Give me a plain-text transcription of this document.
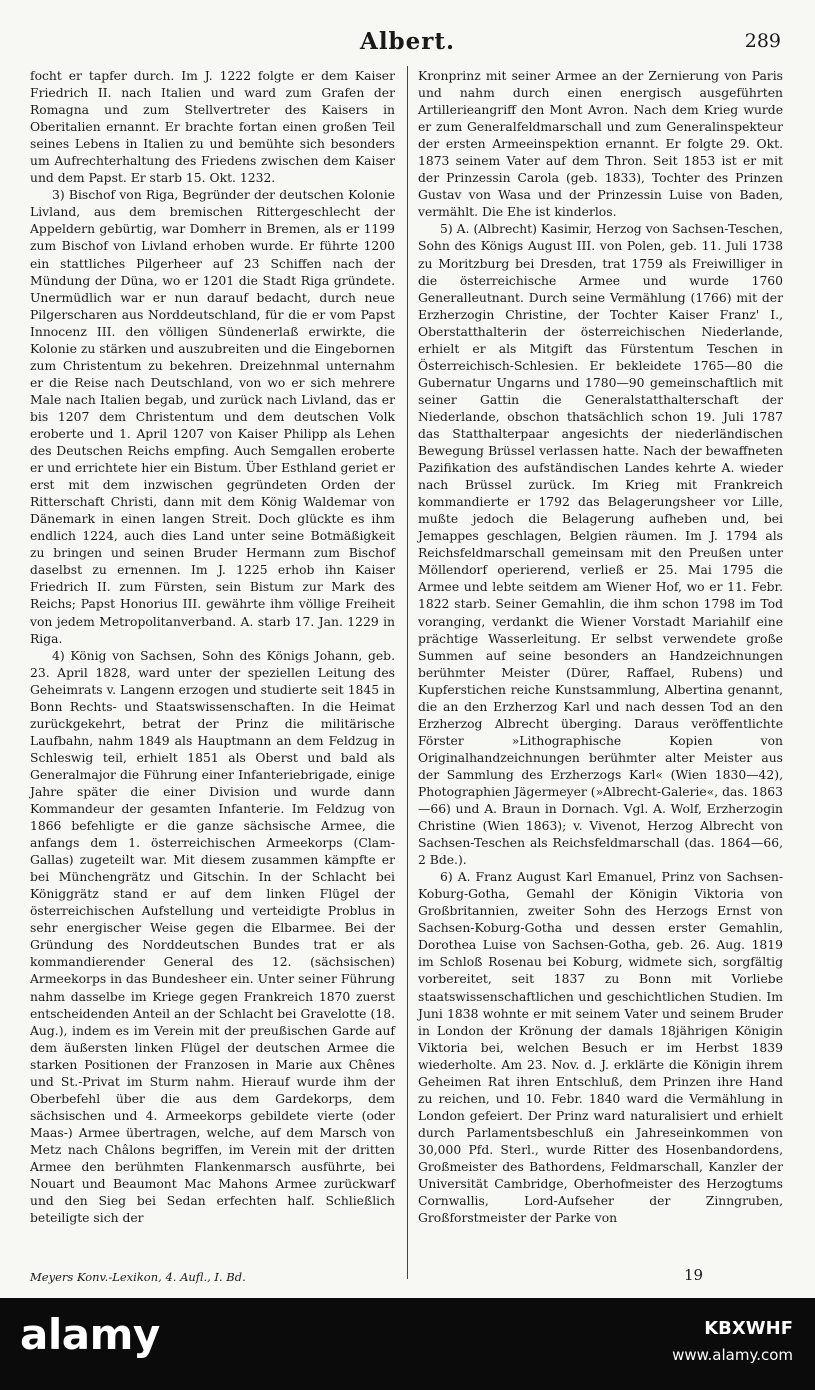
Albert.	289

focht er tapfer durch. Im J. 1222 folgte er dem Kaiser Friedrich II. nach Italien und ward zum Grafen der Romagna und zum Stellvertreter des Kaisers in Oberitalien ernannt. Er brachte fortan einen großen Teil seines Lebens in Italien zu und bemühte sich besonders um Aufrechterhaltung des Friedens zwischen dem Kaiser und dem Papst. Er starb 15. Okt. 1232.

3) Bischof von Riga, Begründer der deutschen Kolonie Livland, aus dem bremischen Rittergeschlecht der Appeldern gebürtig, war Domherr in Bremen, als er 1199 zum Bischof von Livland erhoben wurde. Er führte 1200 ein stattliches Pilgerheer auf 23 Schiffen nach der Mündung der Düna, wo er 1201 die Stadt Riga gründete. Unermüdlich war er nun darauf bedacht, durch neue Pilgerscharen aus Norddeutschland, für die er vom Papst Innocenz III. den völligen Sündenerlaß erwirkte, die Kolonie zu stärken und auszubreiten und die Eingebornen zum Christentum zu bekehren. Dreizehnmal unternahm er die Reise nach Deutschland, von wo er sich mehrere Male nach Italien begab, und zurück nach Livland, das er bis 1207 dem Christentum und dem deutschen Volk eroberte und 1. April 1207 von Kaiser Philipp als Lehen des Deutschen Reichs empfing. Auch Semgallen eroberte er und errichtete hier ein Bistum. Über Esthland geriet er erst mit dem inzwischen gegründeten Orden der Ritterschaft Christi, dann mit dem König Waldemar von Dänemark in einen langen Streit. Doch glückte es ihm endlich 1224, auch dies Land unter seine Botmäßigkeit zu bringen und seinen Bruder Hermann zum Bischof daselbst zu ernennen. Im J. 1225 erhob ihn Kaiser Friedrich II. zum Fürsten, sein Bistum zur Mark des Reichs; Papst Honorius III. gewährte ihm völlige Freiheit von jedem Metropolitanverband. A. starb 17. Jan. 1229 in Riga.

4) König von Sachsen, Sohn des Königs Johann, geb. 23. April 1828, ward unter der speziellen Leitung des Geheimrats v. Langenn erzogen und studierte seit 1845 in Bonn Rechts- und Staatswissenschaften. In die Heimat zurückgekehrt, betrat der Prinz die militärische Laufbahn, nahm 1849 als Hauptmann an dem Feldzug in Schleswig teil, erhielt 1851 als Oberst und bald als Generalmajor die Führung einer Infanteriebrigade, einige Jahre später die einer Division und wurde dann Kommandeur der gesamten Infanterie. Im Feldzug von 1866 befehligte er die ganze sächsische Armee, die anfangs dem 1. österreichischen Armeekorps (Clam-Gallas) zugeteilt war. Mit diesem zusammen kämpfte er bei Münchengrätz und Gitschin. In der Schlacht bei Königgrätz stand er auf dem linken Flügel der österreichischen Aufstellung und verteidigte Problus in sehr energischer Weise gegen die Elbarmee. Bei der Gründung des Norddeutschen Bundes trat er als kommandierender General des 12. (sächsischen) Armeekorps in das Bundesheer ein. Unter seiner Führung nahm dasselbe im Kriege gegen Frankreich 1870 zuerst entscheidenden Anteil an der Schlacht bei Gravelotte (18. Aug.), indem es im Verein mit der preußischen Garde auf dem äußersten linken Flügel der deutschen Armee die starken Positionen der Franzosen in Marie aux Chênes und St.-Privat im Sturm nahm. Hierauf wurde ihm der Oberbefehl über die aus dem Gardekorps, dem sächsischen und 4. Armeekorps gebildete vierte (oder Maas-) Armee übertragen, welche, auf dem Marsch von Metz nach Châlons begriffen, im Verein mit der dritten Armee den berühmten Flankenmarsch ausführte, bei Nouart und Beaumont Mac Mahons Armee zurückwarf und den Sieg bei Sedan erfechten half. Schließlich beteiligte sich der

Kronprinz mit seiner Armee an der Zernierung von Paris und nahm durch einen energisch ausgeführten Artillerieangriff den Mont Avron. Nach dem Krieg wurde er zum Generalfeldmarschall und zum Generalinspekteur der ersten Armeeinspektion ernannt. Er folgte 29. Okt. 1873 seinem Vater auf dem Thron. Seit 1853 ist er mit der Prinzessin Carola (geb. 1833), Tochter des Prinzen Gustav von Wasa und der Prinzessin Luise von Baden, vermählt. Die Ehe ist kinderlos.

5) A. (Albrecht) Kasimir, Herzog von Sachsen-Teschen, Sohn des Königs August III. von Polen, geb. 11. Juli 1738 zu Moritzburg bei Dresden, trat 1759 als Freiwilliger in die österreichische Armee und wurde 1760 Generalleutnant. Durch seine Vermählung (1766) mit der Erzherzogin Christine, der Tochter Kaiser Franz' I., Oberstatthalterin der österreichischen Niederlande, erhielt er als Mitgift das Fürstentum Teschen in Österreichisch-Schlesien. Er bekleidete 1765—80 die Gubernatur Ungarns und 1780—90 gemeinschaftlich mit seiner Gattin die Generalstatthalterschaft der Niederlande, obschon thatsächlich schon 19. Juli 1787 das Statthalterpaar angesichts der niederländischen Bewegung Brüssel verlassen hatte. Nach der bewaffneten Pazifikation des aufständischen Landes kehrte A. wieder nach Brüssel zurück. Im Krieg mit Frankreich kommandierte er 1792 das Belagerungsheer vor Lille, mußte jedoch die Belagerung aufheben und, bei Jemappes geschlagen, Belgien räumen. Im J. 1794 als Reichsfeldmarschall gemeinsam mit den Preußen unter Möllendorf operierend, verließ er 25. Mai 1795 die Armee und lebte seitdem am Wiener Hof, wo er 11. Febr. 1822 starb. Seiner Gemahlin, die ihm schon 1798 im Tod voranging, verdankt die Wiener Vorstadt Mariahilf eine prächtige Wasserleitung. Er selbst verwendete große Summen auf seine besonders an Handzeichnungen berühmter Meister (Dürer, Raffael, Rubens) und Kupferstichen reiche Kunstsammlung, Albertina genannt, die an den Erzherzog Karl und nach dessen Tod an den Erzherzog Albrecht überging. Daraus veröffentlichte Förster »Lithographische Kopien von Originalhandzeichnungen berühmter alter Meister aus der Sammlung des Erzherzogs Karl« (Wien 1830—42), Photographien Jägermeyer (»Albrecht-Galerie«, das. 1863—66) und A. Braun in Dornach. Vgl. A. Wolf, Erzherzogin Christine (Wien 1863); v. Vivenot, Herzog Albrecht von Sachsen-Teschen als Reichsfeldmarschall (das. 1864—66, 2 Bde.).

6) A. Franz August Karl Emanuel, Prinz von Sachsen-Koburg-Gotha, Gemahl der Königin Viktoria von Großbritannien, zweiter Sohn des Herzogs Ernst von Sachsen-Koburg-Gotha und dessen erster Gemahlin, Dorothea Luise von Sachsen-Gotha, geb. 26. Aug. 1819 im Schloß Rosenau bei Koburg, widmete sich, sorgfältig vorbereitet, seit 1837 zu Bonn mit Vorliebe staatswissenschaftlichen und geschichtlichen Studien. Im Juni 1838 wohnte er mit seinem Vater und seinem Bruder in London der Krönung der damals 18jährigen Königin Viktoria bei, welchen Besuch er im Herbst 1839 wiederholte. Am 23. Nov. d. J. erklärte die Königin ihrem Geheimen Rat ihren Entschluß, dem Prinzen ihre Hand zu reichen, und 10. Febr. 1840 ward die Vermählung in London gefeiert. Der Prinz ward naturalisiert und erhielt durch Parlamentsbeschluß ein Jahreseinkommen von 30,000 Pfd. Sterl., wurde Ritter des Hosenbandordens, Großmeister des Bathordens, Feldmarschall, Kanzler der Universität Cambridge, Oberhofmeister des Herzogtums Cornwallis, Lord-Aufseher der Zinngruben, Großforstmeister der Parke von

Meyers Konv.-Lexikon, 4. Aufl., I. Bd.	19
alamy	KBXWHF
www.alamy.com
